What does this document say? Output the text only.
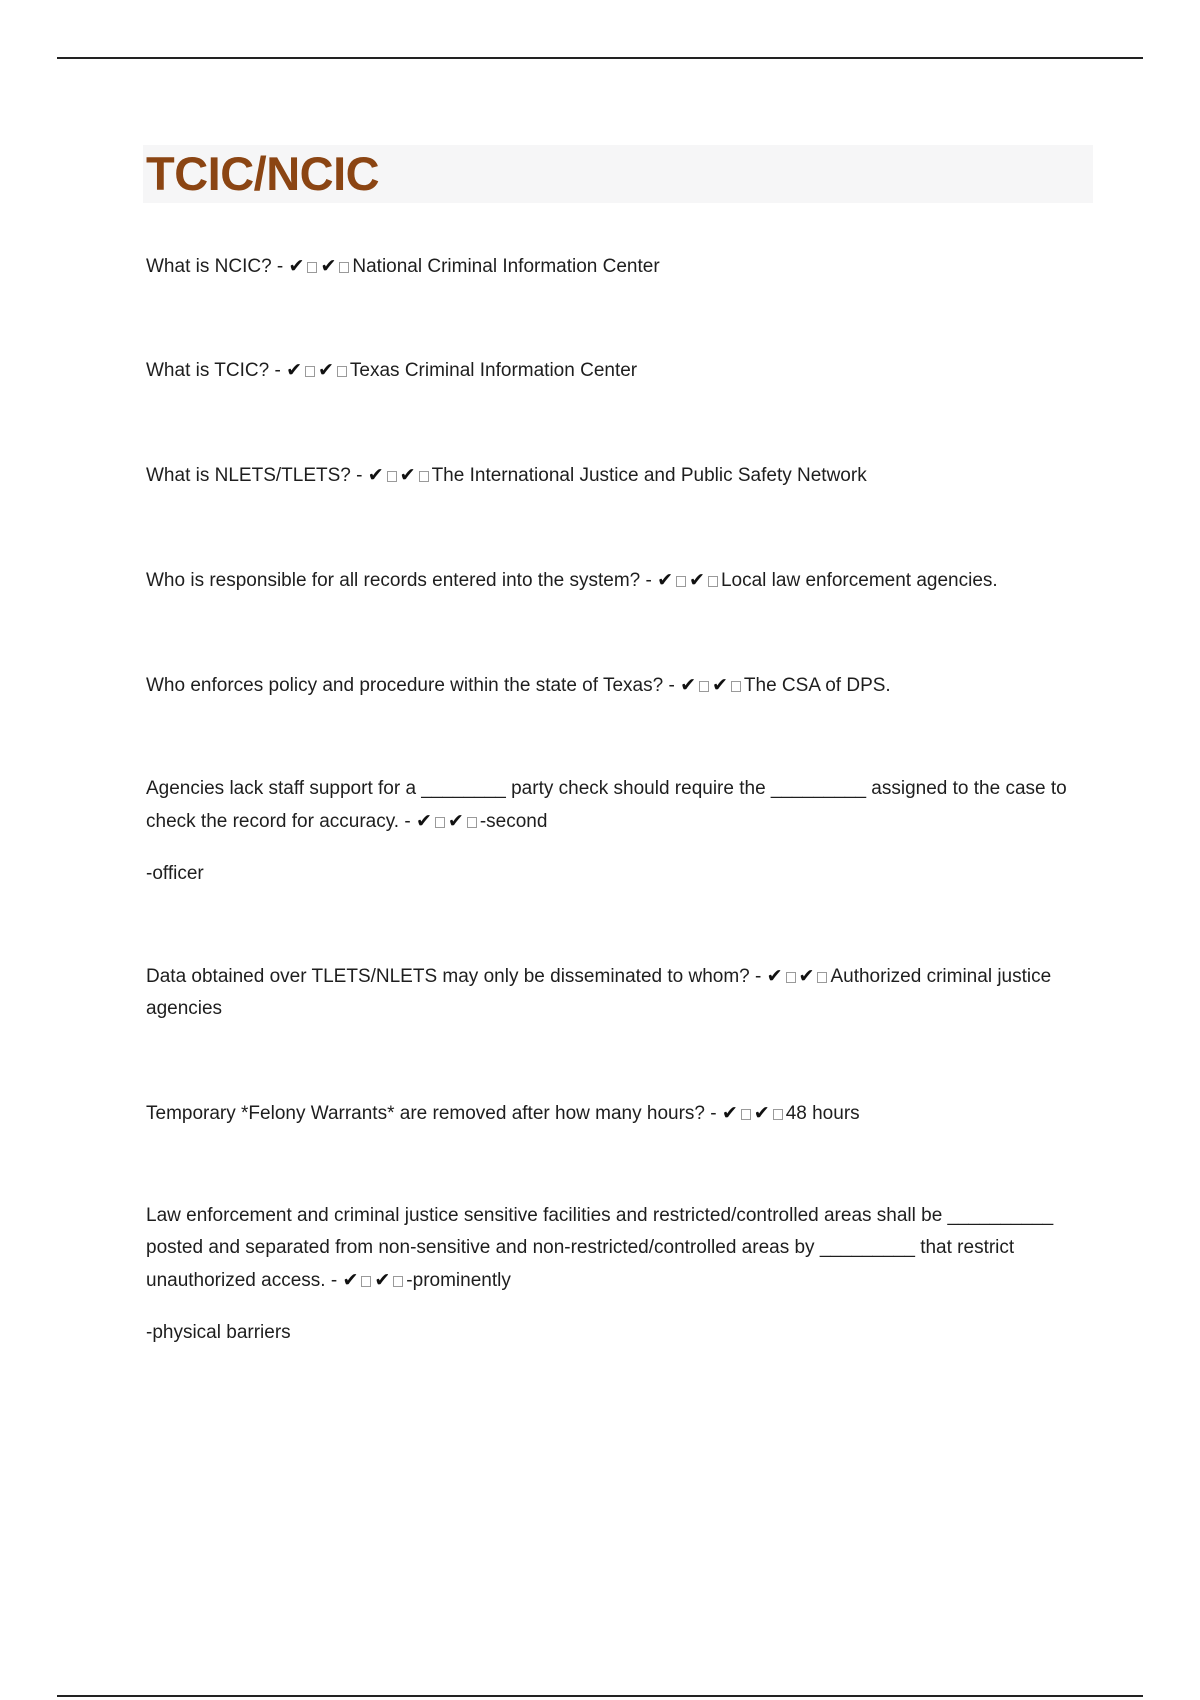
TCIC/NCIC

What is NCIC? - ✔ ✔ National Criminal Information Center

What is TCIC? - ✔ ✔ Texas Criminal Information Center

What is NLETS/TLETS? - ✔ ✔ The International Justice and Public Safety Network

Who is responsible for all records entered into the system? - ✔ ✔ Local law enforcement agencies.

Who enforces policy and procedure within the state of Texas? - ✔ ✔ The CSA of DPS.

Agencies lack staff support for a ________ party check should require the _________ assigned to the case to check the record for accuracy. - ✔ ✔ -second

-officer

Data obtained over TLETS/NLETS may only be disseminated to whom? - ✔ ✔ Authorized criminal justice agencies

Temporary *Felony Warrants* are removed after how many hours? - ✔ ✔ 48 hours

Law enforcement and criminal justice sensitive facilities and restricted/controlled areas shall be __________ posted and separated from non-sensitive and non-restricted/controlled areas by _________ that restrict unauthorized access. - ✔ ✔ -prominently

-physical barriers
